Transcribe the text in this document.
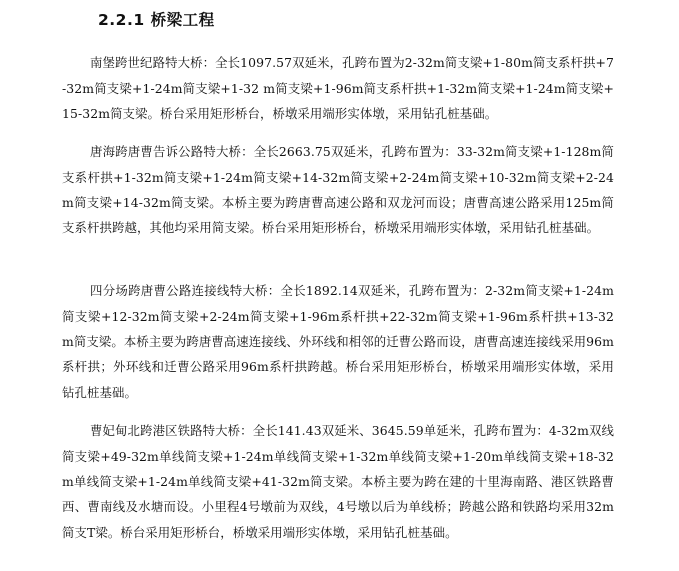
2.2.1 桥梁工程

南堡跨世纪路特大桥：全长1097.57双延米，孔跨布置为2-32m简支梁+1-80m简支系杆拱+7-32m简支梁+1-24m简支梁+1-32 m简支梁+1-96m简支系杆拱+1-32m简支梁+1-24m简支梁+15-32m简支梁。桥台采用矩形桥台，桥墩采用端形实体墩，采用钻孔桩基础。

唐海跨唐曹告诉公路特大桥：全长2663.75双延米，孔跨布置为：33-32m简支梁+1-128m简支系杆拱+1-32m简支梁+1-24m简支梁+14-32m简支梁+2-24m简支梁+10-32m简支梁+2-24m简支梁+14-32m简支梁。本桥主要为跨唐曹高速公路和双龙河而设；唐曹高速公路采用125m简支系杆拱跨越，其他均采用简支梁。桥台采用矩形桥台，桥墩采用端形实体墩，采用钻孔桩基础。

四分场跨唐曹公路连接线特大桥：全长1892.14双延米，孔跨布置为：2-32m简支梁+1-24m简支梁+12-32m简支梁+2-24m简支梁+1-96m系杆拱+22-32m简支梁+1-96m系杆拱+13-32m简支梁。本桥主要为跨唐曹高速连接线、外环线和相邻的迁曹公路而设，唐曹高速连接线采用96m系杆拱；外环线和迁曹公路采用96m系杆拱跨越。桥台采用矩形桥台，桥墩采用端形实体墩，采用钻孔桩基础。

曹妃甸北跨港区铁路特大桥：全长141.43双延米、3645.59单延米，孔跨布置为：4-32m双线简支梁+49-32m单线简支梁+1-24m单线简支梁+1-32m单线简支梁+1-20m单线简支梁+18-32m单线简支梁+1-24m单线简支梁+41-32m简支梁。本桥主要为跨在建的十里海南路、港区铁路曹西、曹南线及水塘而设。小里程4号墩前为双线，4号墩以后为单线桥；跨越公路和铁路均采用32m简支T梁。桥台采用矩形桥台，桥墩采用端形实体墩，采用钻孔桩基础。
